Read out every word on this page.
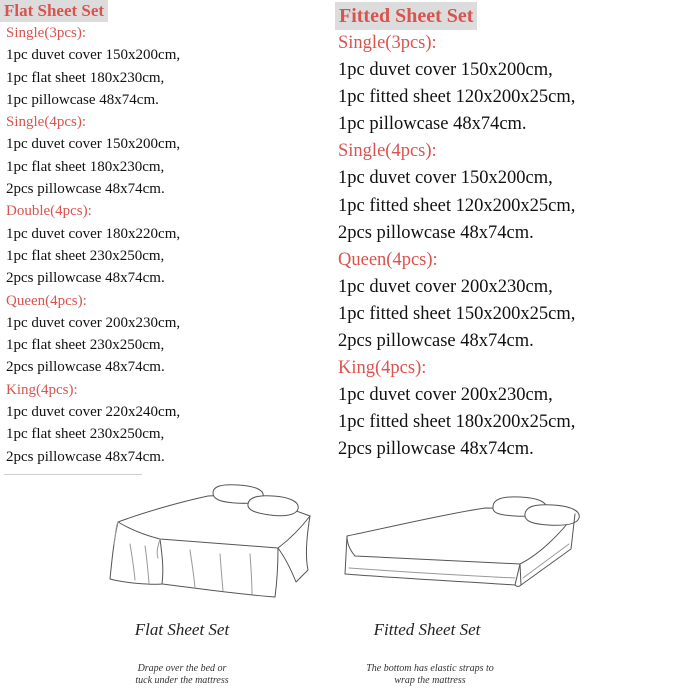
Flat Sheet Set
Single(3pcs):
1pc duvet cover 150x200cm,
1pc flat sheet 180x230cm,
1pc pillowcase 48x74cm.
Single(4pcs):
1pc duvet cover 150x200cm,
1pc flat sheet 180x230cm,
2pcs pillowcase 48x74cm.
Double(4pcs):
1pc duvet cover 180x220cm,
1pc flat sheet 230x250cm,
2pcs pillowcase 48x74cm.
Queen(4pcs):
1pc duvet cover 200x230cm,
1pc flat sheet 230x250cm,
2pcs pillowcase 48x74cm.
King(4pcs):
1pc duvet cover 220x240cm,
1pc flat sheet 230x250cm,
2pcs pillowcase 48x74cm.
Fitted Sheet Set
Single(3pcs):
1pc duvet cover 150x200cm,
1pc fitted sheet 120x200x25cm,
1pc pillowcase 48x74cm.
Single(4pcs):
1pc duvet cover 150x200cm,
1pc fitted sheet 120x200x25cm,
2pcs pillowcase 48x74cm.
Queen(4pcs):
1pc duvet cover 200x230cm,
1pc fitted sheet 150x200x25cm,
2pcs pillowcase 48x74cm.
King(4pcs):
1pc duvet cover 200x230cm,
1pc fitted sheet 180x200x25cm,
2pcs pillowcase 48x74cm.
Flat Sheet Set
Drape over the bed or
tuck under the mattress
Fitted Sheet Set
The bottom has elastic straps to
wrap the mattress
